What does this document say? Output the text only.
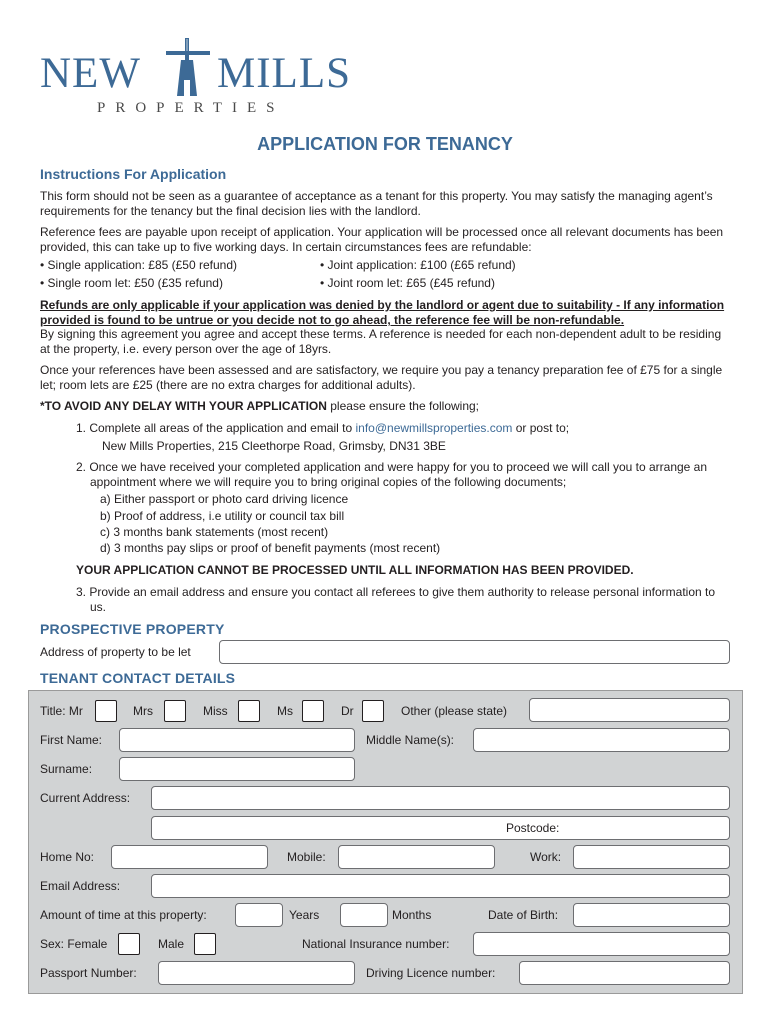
NEW MILLS
PROPERTIES
APPLICATION FOR TENANCY
Instructions For Application
This form should not be seen as a guarantee of acceptance as a tenant for this property. You may satisfy the managing agent’s requirements for the tenancy but the final decision lies with the landlord.
Reference fees are payable upon receipt of application. Your application will be processed once all relevant documents has been provided, this can take up to five working days. In certain circumstances fees are refundable:
• Single application: £85 (£50 refund)	• Joint application: £100 (£65 refund)
• Single room let: £50 (£35 refund)	• Joint room let: £65 (£45 refund)
Refunds are only applicable if your application was denied by the landlord or agent due to suitability - If any information provided is found to be untrue or you decide not to go ahead, the reference fee will be non-refundable.
By signing this agreement you agree and accept these terms. A reference is needed for each non-dependent adult to be residing at the property, i.e. every person over the age of 18yrs.
Once your references have been assessed and are satisfactory, we require you pay a tenancy preparation fee of £75 for a single let; room lets are £25 (there are no extra charges for additional adults).
*TO AVOID ANY DELAY WITH YOUR APPLICATION please ensure the following;
1. Complete all areas of the application and email to info@newmillsproperties.com or post to;
New Mills Properties, 215 Cleethorpe Road, Grimsby, DN31 3BE
2. Once we have received your completed application and were happy for you to proceed we will call you to arrange an appointment where we will require you to bring original copies of the following documents;
a) Either passport or photo card driving licence
b) Proof of address, i.e utility or council tax bill
c) 3 months bank statements (most recent)
d) 3 months pay slips or proof of benefit payments (most recent)
YOUR APPLICATION CANNOT BE PROCESSED UNTIL ALL INFORMATION HAS BEEN PROVIDED.
3. Provide an email address and ensure you contact all referees to give them authority to release personal information to us.
PROSPECTIVE PROPERTY
Address of property to be let
TENANT CONTACT DETAILS
Title: Mr	Mrs	Miss	Ms	Dr	Other (please state)
First Name:	Middle Name(s):
Surname:
Current Address:
Postcode:
Home No:	Mobile:	Work:
Email Address:
Amount of time at this property:	Years	Months	Date of Birth:
Sex: Female	Male	National Insurance number:
Passport Number:	Driving Licence number:
